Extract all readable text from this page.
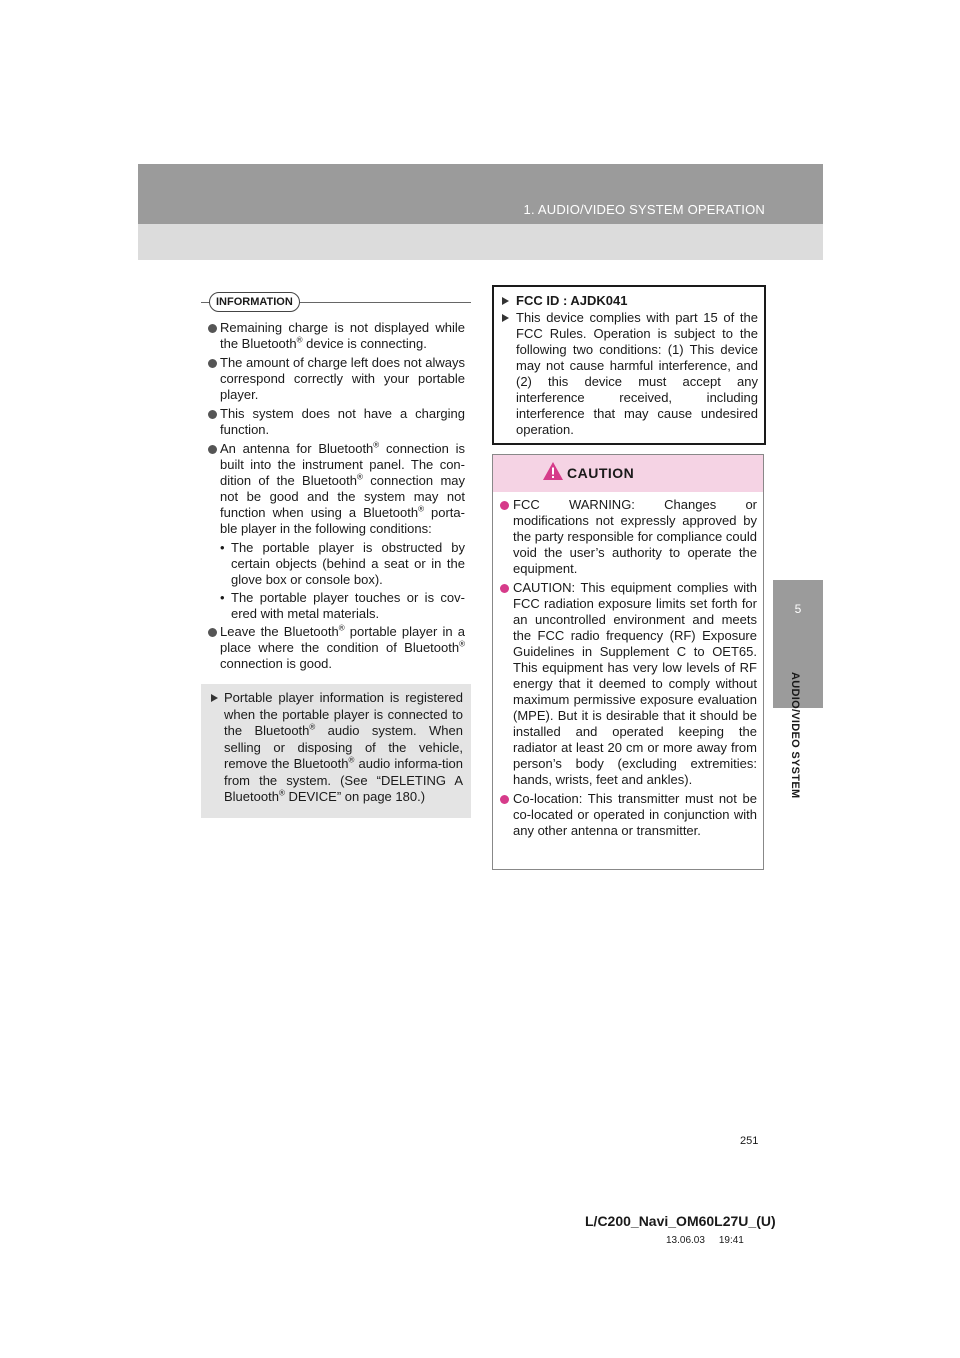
1. AUDIO/VIDEO SYSTEM OPERATION
5
AUDIO/VIDEO SYSTEM
INFORMATION
Remaining charge is not displayed while the Bluetooth® device is connecting.
The amount of charge left does not always correspond correctly with your portable player.
This system does not have a charging function.
An antenna for Bluetooth® connection is built into the instrument panel. The con-dition of the Bluetooth® connection may not be good and the system may not function when using a Bluetooth® porta-ble player in the following conditions:
• The portable player is obstructed by certain objects (behind a seat or in the glove box or console box).
• The portable player touches or is cov-ered with metal materials.
Leave the Bluetooth® portable player in a place where the condition of Bluetooth® connection is good.
Portable player information is registered when the portable player is connected to the Bluetooth® audio system. When selling or disposing of the vehicle, remove the Bluetooth® audio informa-tion from the system. (See “DELETING A Bluetooth® DEVICE” on page 180.)
FCC ID : AJDK041
This device complies with part 15 of the FCC Rules. Operation is subject to the following two conditions: (1) This device may not cause harmful interference, and (2) this device must accept any interference received, including interference that may cause undesired operation.
CAUTION
FCC WARNING: Changes or modifications not expressly approved by the party responsible for compliance could void the user’s authority to operate the equipment.
CAUTION: This equipment complies with FCC radiation exposure limits set forth for an uncontrolled environment and meets the FCC radio frequency (RF) Exposure Guidelines in Supplement C to OET65. This equipment has very low levels of RF energy that it deemed to comply without maximum permissive exposure evaluation (MPE). But it is desirable that it should be installed and operated keeping the radiator at least 20 cm or more away from person’s body (excluding extremities: hands, wrists, feet and ankles).
Co-location: This transmitter must not be co-located or operated in conjunction with any other antenna or transmitter.
251
L/C200_Navi_OM60L27U_(U)
13.06.03     19:41
